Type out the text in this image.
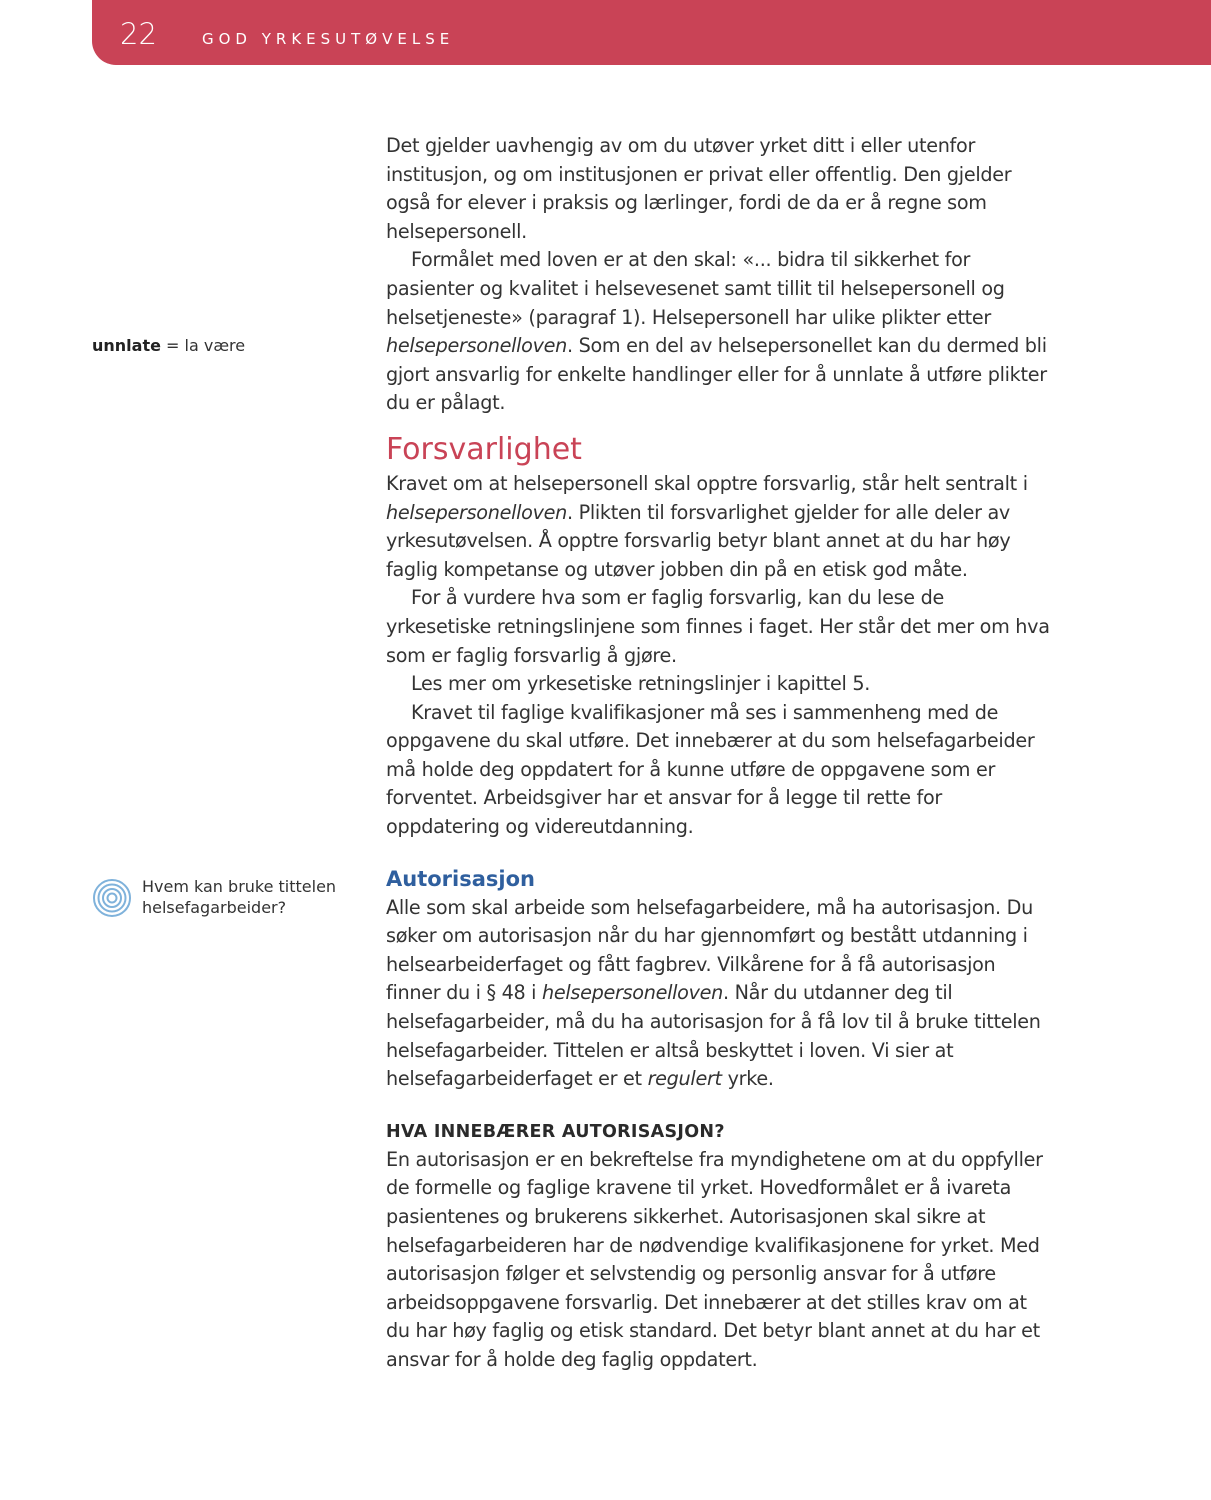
22	GOD YRKESUTØVELSE
unnlate = la være
Hvem kan bruke tittelen helsefagarbeider?

Det gjelder uavhengig av om du utøver yrket ditt i eller utenfor institusjon, og om institusjonen er privat eller offentlig. Den gjelder også for elever i praksis og lærlinger, fordi de da er å regne som helsepersonell.

Formålet med loven er at den skal: «... bidra til sikkerhet for pasienter og kvalitet i helsevesenet samt tillit til helsepersonell og helsetjeneste» (paragraf 1). Helsepersonell har ulike plikter etter helsepersonelloven. Som en del av helsepersonellet kan du dermed bli gjort ansvarlig for enkelte handlinger eller for å unnlate å utføre plikter du er pålagt.

Forsvarlighet

Kravet om at helsepersonell skal opptre forsvarlig, står helt sentralt i helsepersonelloven. Plikten til forsvarlighet gjelder for alle deler av yrkesutøvelsen. Å opptre forsvarlig betyr blant annet at du har høy faglig kompetanse og utøver jobben din på en etisk god måte.

For å vurdere hva som er faglig forsvarlig, kan du lese de yrkesetiske retningslinjene som finnes i faget. Her står det mer om hva som er faglig forsvarlig å gjøre.

Les mer om yrkesetiske retningslinjer i kapittel 5.

Kravet til faglige kvalifikasjoner må ses i sammenheng med de oppgavene du skal utføre. Det innebærer at du som helsefagarbeider må holde deg oppdatert for å kunne utføre de oppgavene som er forventet. Arbeidsgiver har et ansvar for å legge til rette for oppdatering og videreutdanning.

Autorisasjon

Alle som skal arbeide som helsefagarbeidere, må ha autorisasjon. Du søker om autorisasjon når du har gjennomført og bestått utdanning i helsearbeiderfaget og fått fagbrev. Vilkårene for å få autorisasjon finner du i § 48 i helsepersonelloven. Når du utdanner deg til helsefagarbeider, må du ha autorisasjon for å få lov til å bruke tittelen helsefagarbeider. Tittelen er altså beskyttet i loven. Vi sier at helsefagarbeiderfaget er et regulert yrke.

HVA INNEBÆRER AUTORISASJON?

En autorisasjon er en bekreftelse fra myndighetene om at du oppfyller de formelle og faglige kravene til yrket. Hovedformålet er å ivareta pasientenes og brukerens sikkerhet. Autorisasjonen skal sikre at helsefagarbeideren har de nødvendige kvalifikasjonene for yrket. Med autorisasjon følger et selvstendig og personlig ansvar for å utføre arbeidsoppgavene forsvarlig. Det innebærer at det stilles krav om at du har høy faglig og etisk standard. Det betyr blant annet at du har et ansvar for å holde deg faglig oppdatert.
